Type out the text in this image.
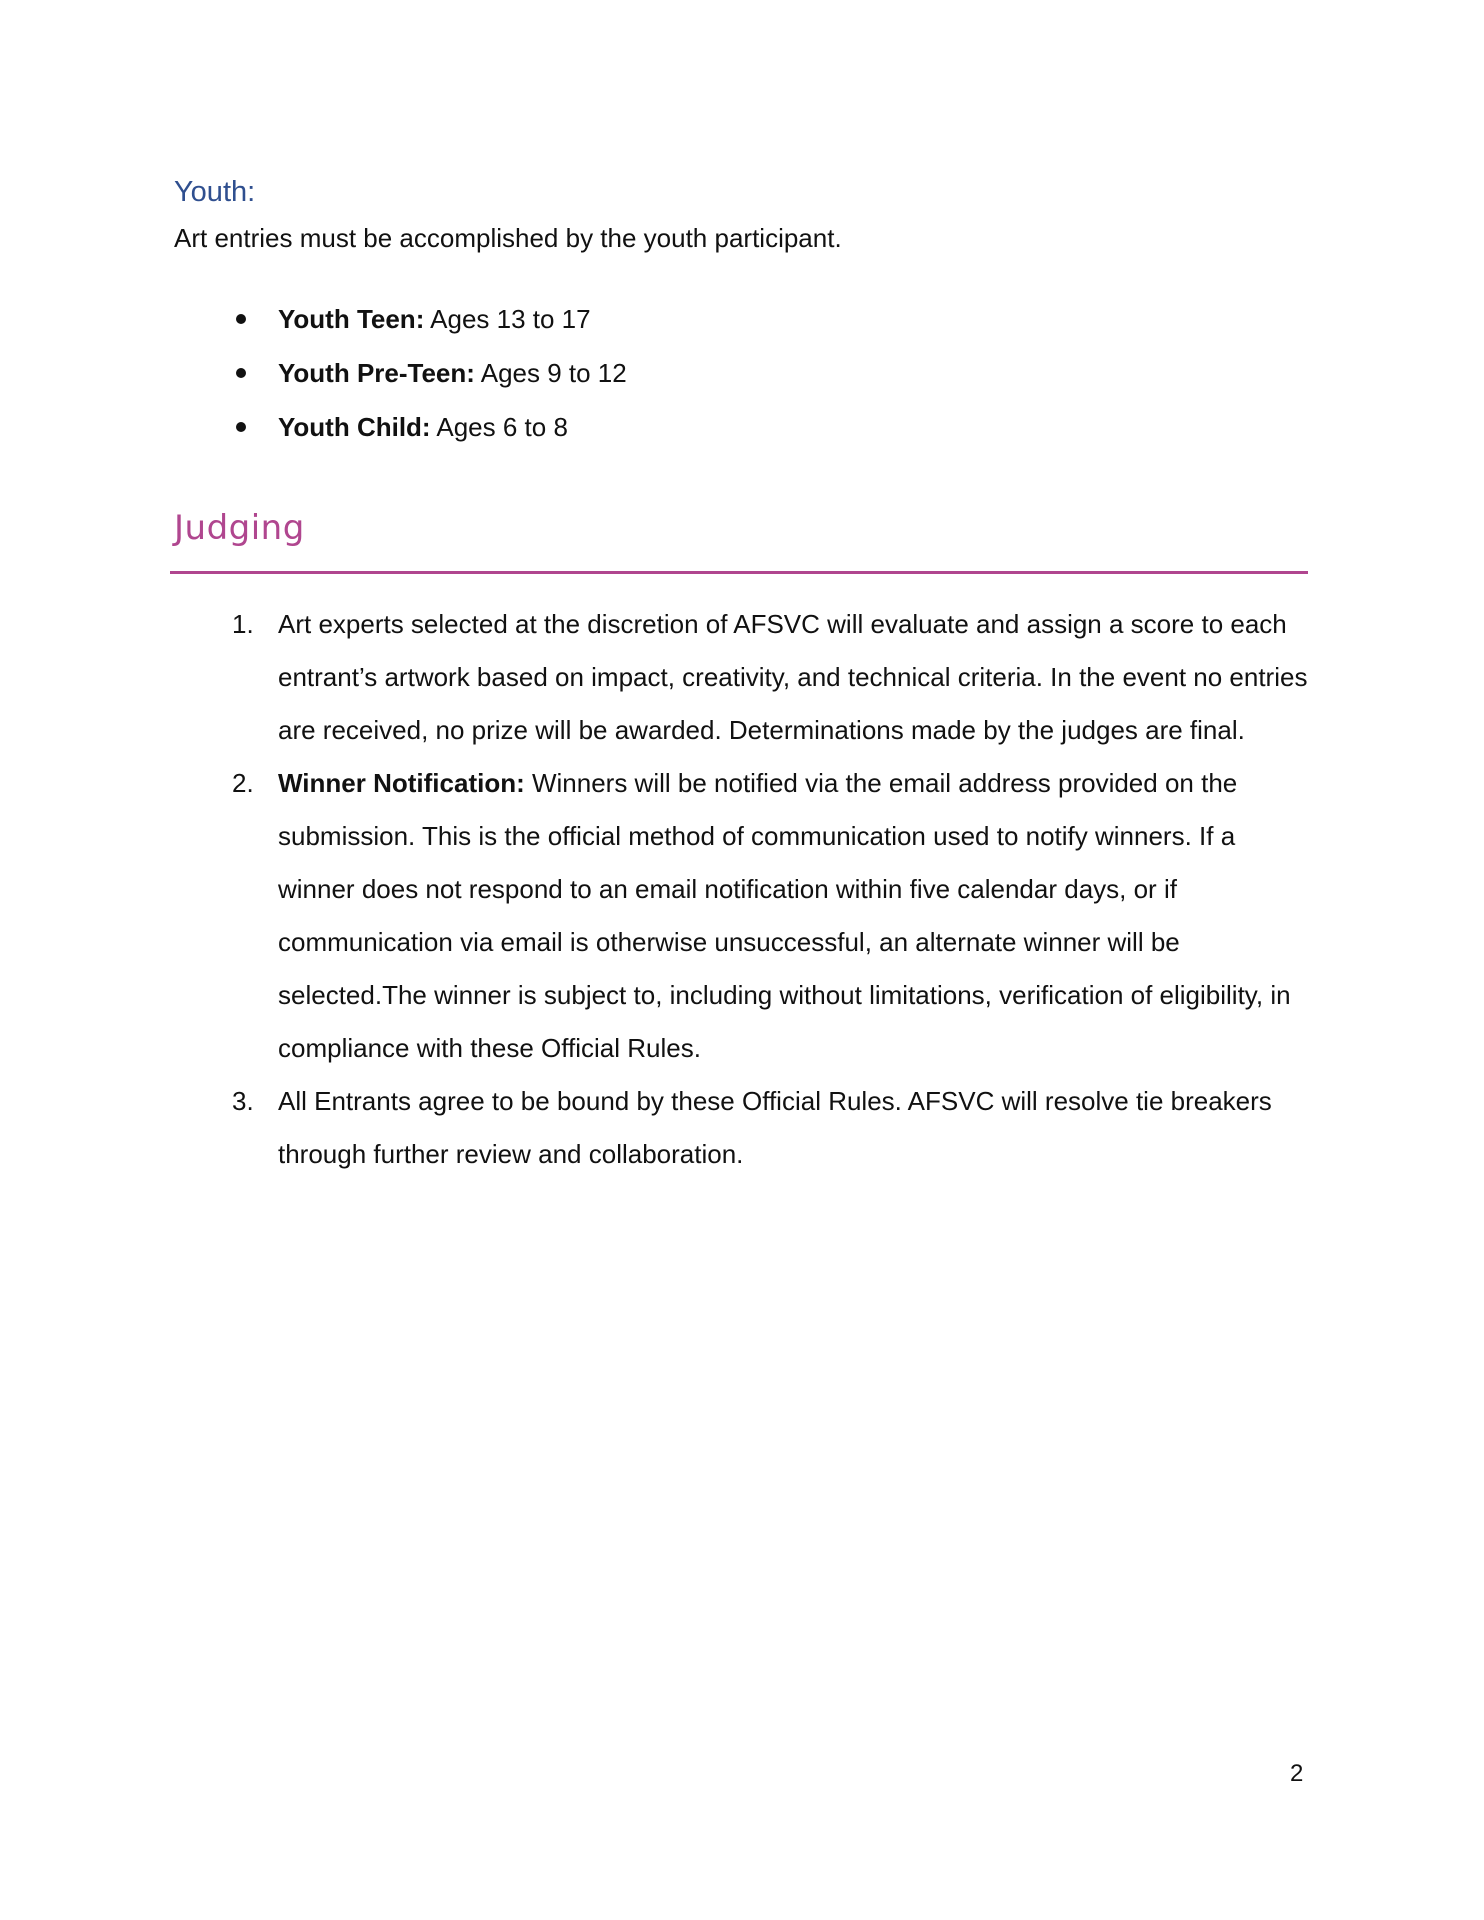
Youth:
Art entries must be accomplished by the youth participant.
Youth Teen: Ages 13 to 17
Youth Pre-Teen: Ages 9 to 12
Youth Child: Ages 6 to 8
Judging
1. Art experts selected at the discretion of AFSVC will evaluate and assign a score to each entrant’s artwork based on impact, creativity, and technical criteria. In the event no entries are received, no prize will be awarded. Determinations made by the judges are final.
2. Winner Notification: Winners will be notified via the email address provided on the submission. This is the official method of communication used to notify winners. If a winner does not respond to an email notification within five calendar days, or if communication via email is otherwise unsuccessful, an alternate winner will be selected.The winner is subject to, including without limitations, verification of eligibility, in compliance with these Official Rules.
3. All Entrants agree to be bound by these Official Rules. AFSVC will resolve tie breakers through further review and collaboration.
2
